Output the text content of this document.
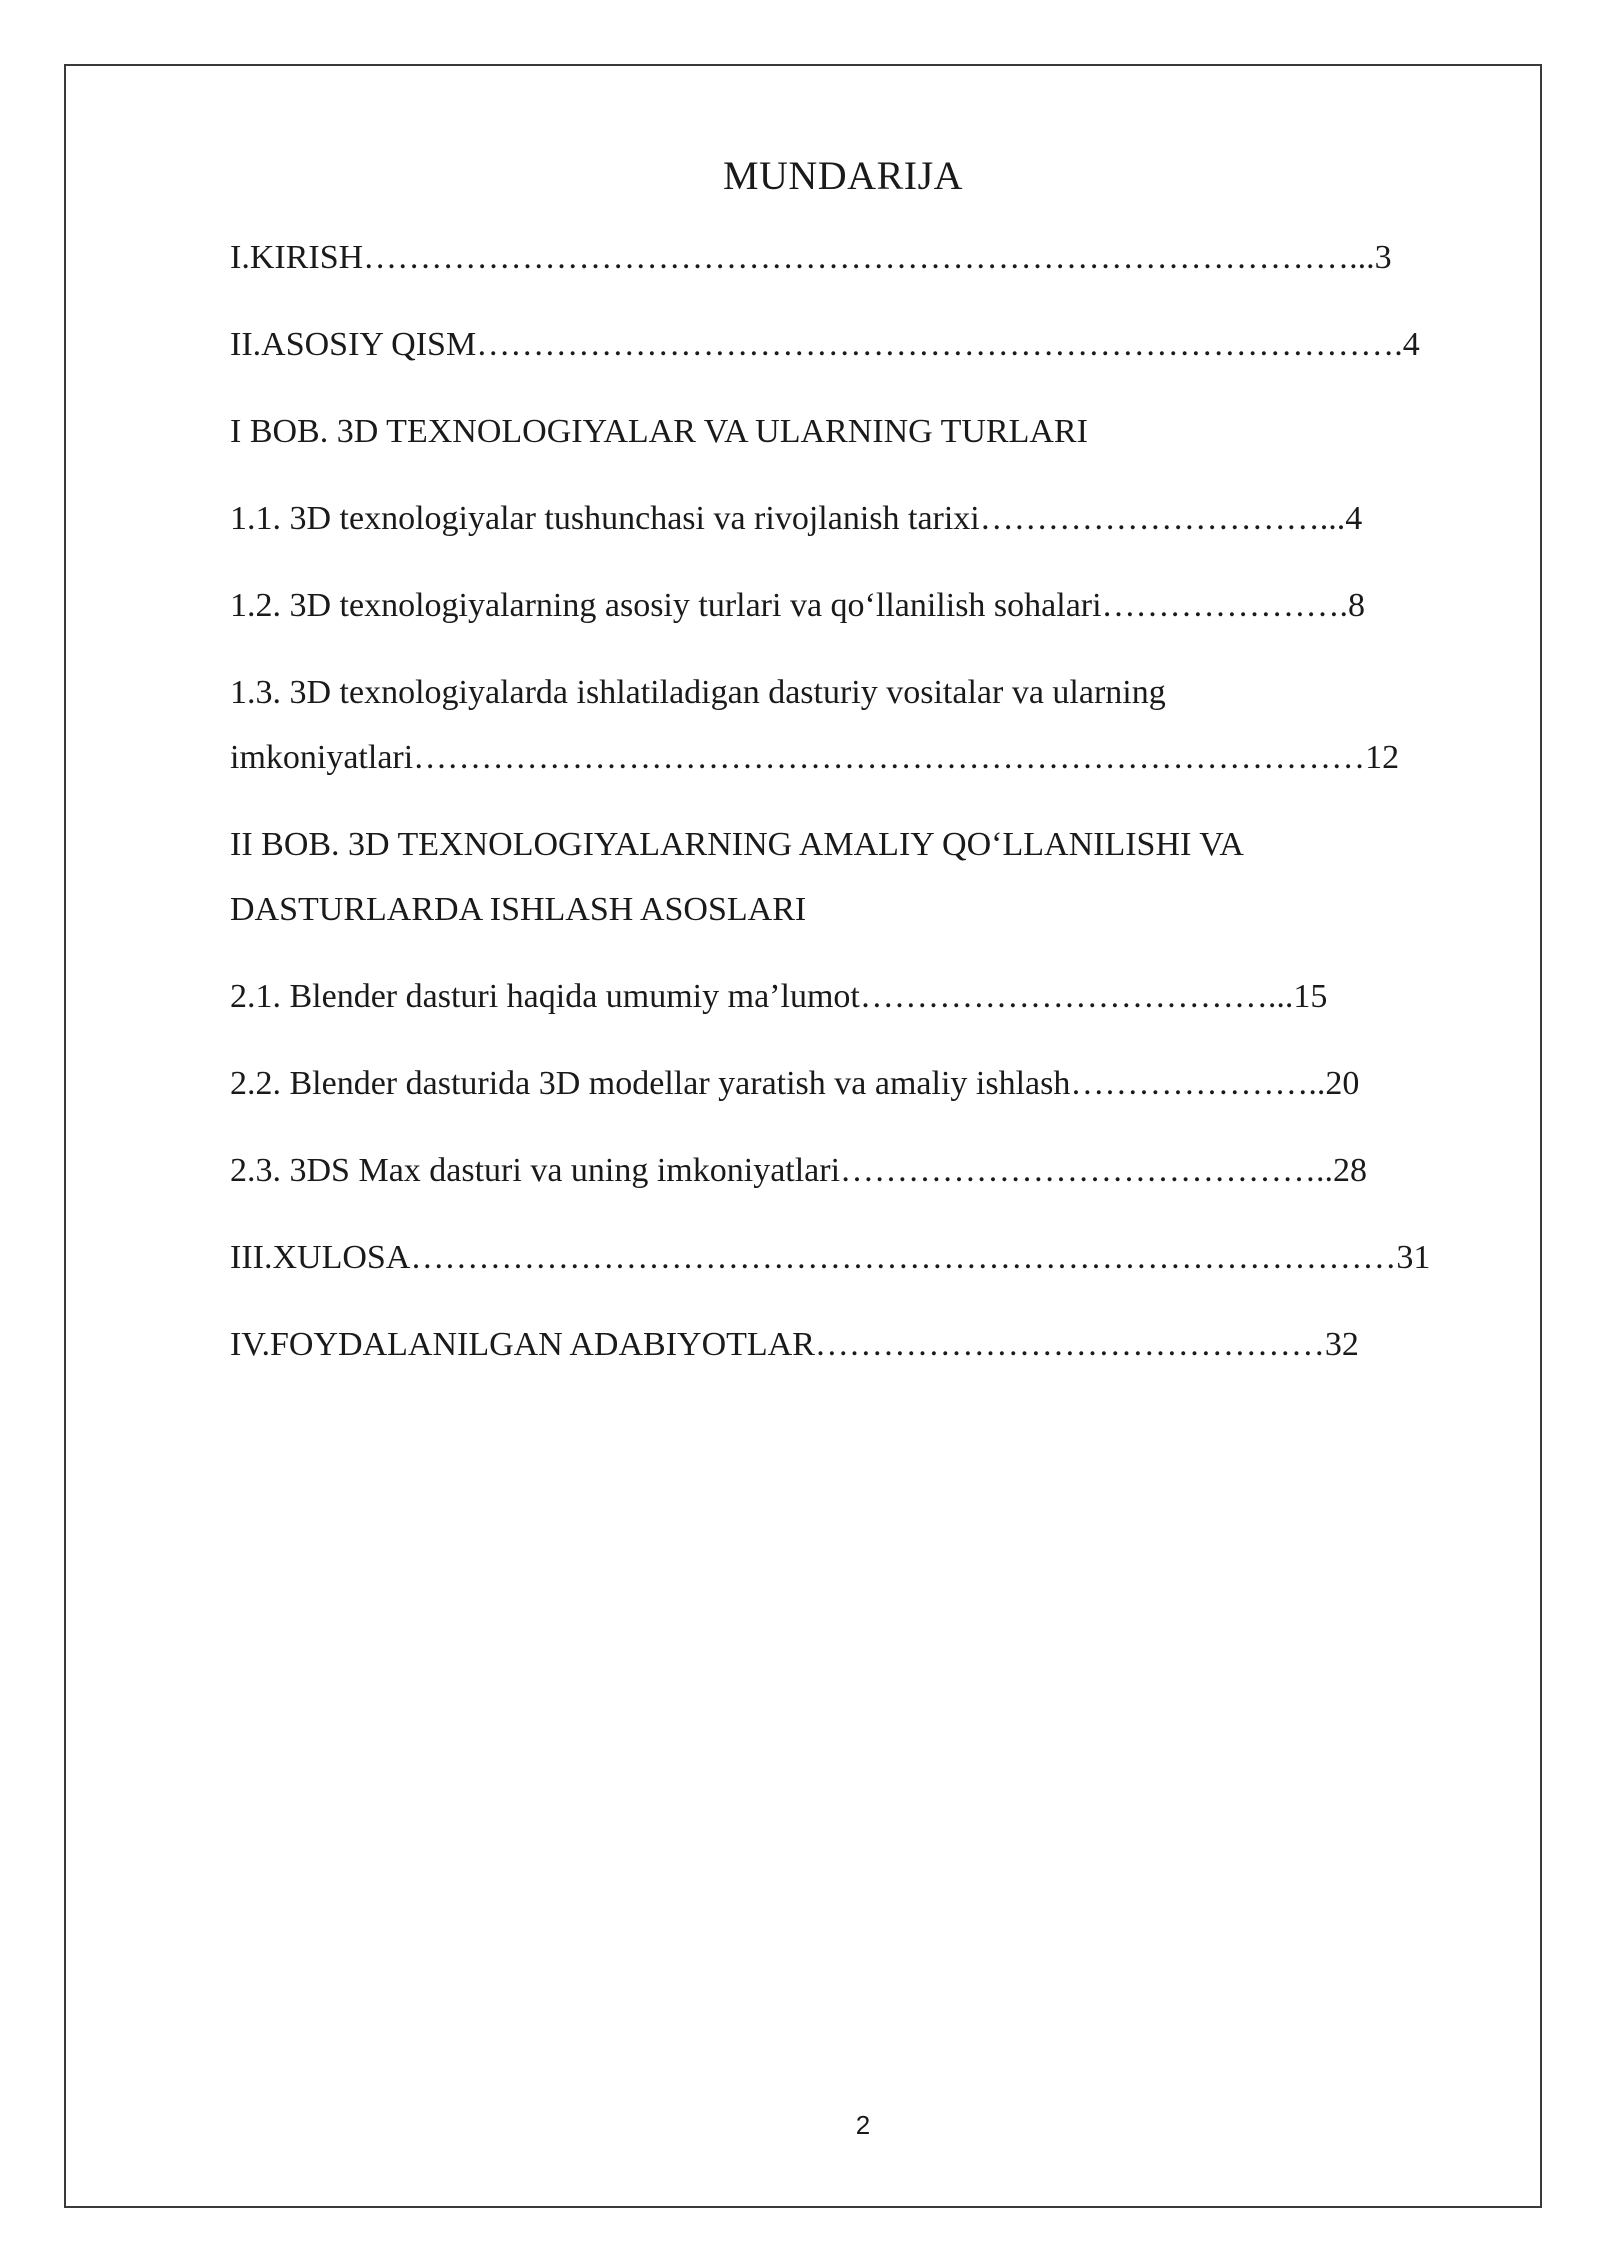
MUNDARIJA
I.KIRISH……………………………………………………………………………...3
II.ASOSIY QISM……………………………………………………………………….4
I BOB. 3D TEXNOLOGIYALAR VA ULARNING TURLARI
1.1. 3D texnologiyalar tushunchasi va rivojlanish tarixi…………………………...4
1.2. 3D texnologiyalarning asosiy turlari va qo‘llanilish sohalari………………….8
1.3. 3D texnologiyalarda ishlatiladigan dasturiy vositalar va ularning
imkoniyatlari…………………………………………………………………………12
II BOB. 3D TEXNOLOGIYALARNING AMALIY QO‘LLANILISHI VA
DASTURLARDA ISHLASH ASOSLARI
2.1. Blender dasturi haqida umumiy ma’lumot………………………………...15
2.2. Blender dasturida 3D modellar yaratish va amaliy ishlash…………………..20
2.3. 3DS Max dasturi va uning imkoniyatlari……………………………………..28
III.XULOSA……………………………………………………………………………31
IV.FOYDALANILGAN ADABIYOTLAR………………………………………32
2
